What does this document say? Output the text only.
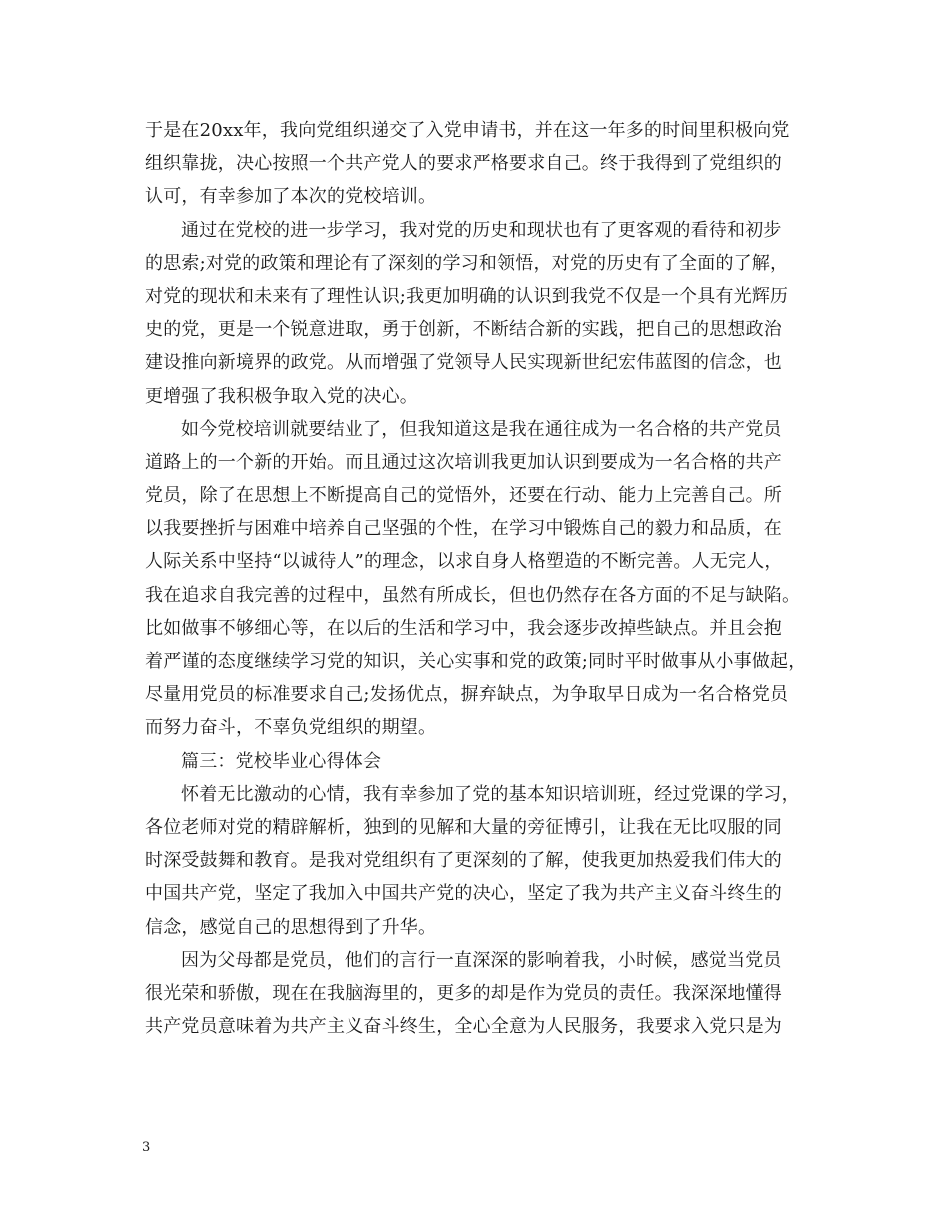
于是在20xx年，我向党组织递交了入党申请书，并在这一年多的时间里积极向党
组织靠拢，决心按照一个共产党人的要求严格要求自己。终于我得到了党组织的
认可，有幸参加了本次的党校培训。
通过在党校的进一步学习，我对党的历史和现状也有了更客观的看待和初步
的思索;对党的政策和理论有了深刻的学习和领悟，对党的历史有了全面的了解，
对党的现状和未来有了理性认识;我更加明确的认识到我党不仅是一个具有光辉历
史的党，更是一个锐意进取，勇于创新，不断结合新的实践，把自己的思想政治
建设推向新境界的政党。从而增强了党领导人民实现新世纪宏伟蓝图的信念，也
更增强了我积极争取入党的决心。
如今党校培训就要结业了，但我知道这是我在通往成为一名合格的共产党员
道路上的一个新的开始。而且通过这次培训我更加认识到要成为一名合格的共产
党员，除了在思想上不断提高自己的觉悟外，还要在行动、能力上完善自己。所
以我要挫折与困难中培养自己坚强的个性，在学习中锻炼自己的毅力和品质，在
人际关系中坚持“以诚待人”的理念，以求自身人格塑造的不断完善。人无完人，
我在追求自我完善的过程中，虽然有所成长，但也仍然存在各方面的不足与缺陷。
比如做事不够细心等，在以后的生活和学习中，我会逐步改掉些缺点。并且会抱
着严谨的态度继续学习党的知识，关心实事和党的政策;同时平时做事从小事做起，
尽量用党员的标准要求自己;发扬优点，摒弃缺点，为争取早日成为一名合格党员
而努力奋斗，不辜负党组织的期望。
篇三：党校毕业心得体会
怀着无比激动的心情，我有幸参加了党的基本知识培训班，经过党课的学习，
各位老师对党的精辟解析，独到的见解和大量的旁征博引，让我在无比叹服的同
时深受鼓舞和教育。是我对党组织有了更深刻的了解，使我更加热爱我们伟大的
中国共产党，坚定了我加入中国共产党的决心，坚定了我为共产主义奋斗终生的
信念，感觉自己的思想得到了升华。
因为父母都是党员，他们的言行一直深深的影响着我，小时候，感觉当党员
很光荣和骄傲，现在在我脑海里的，更多的却是作为党员的责任。我深深地懂得
共产党员意味着为共产主义奋斗终生，全心全意为人民服务，我要求入党只是为
3
